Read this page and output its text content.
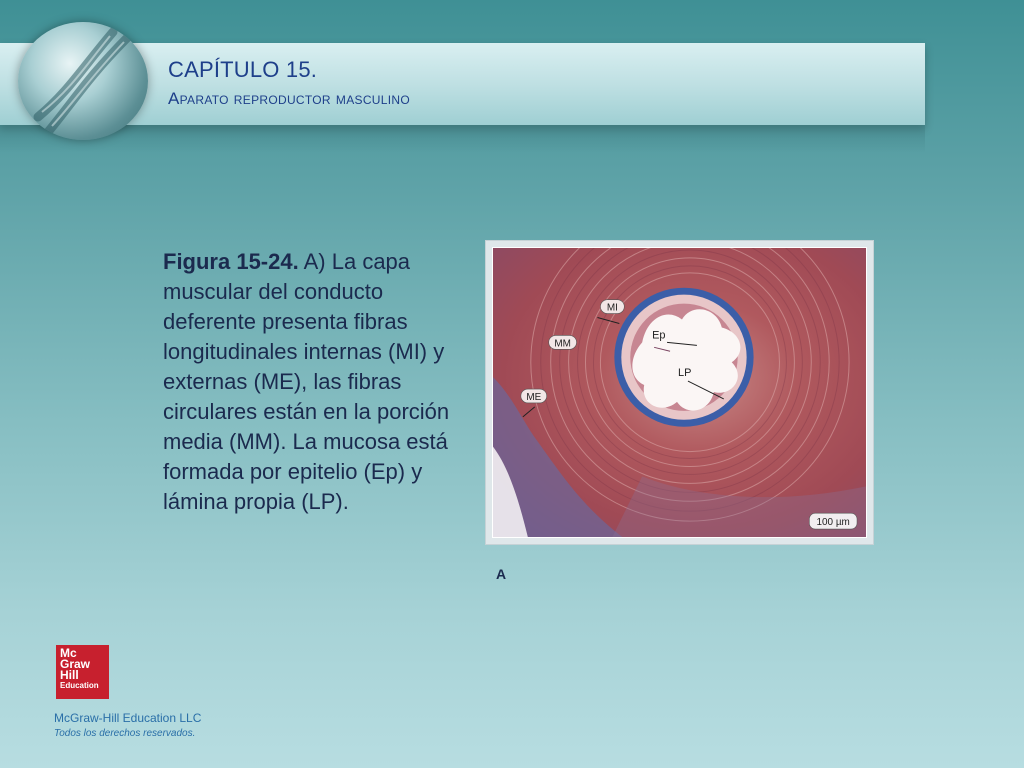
CAPÍTULO 15.
Aparato reproductor masculino
Figura 15-24. A) La capa muscular del conducto deferente presenta fibras longitudinales internas (MI) y externas (ME), las fibras circulares están en la porción media (MM). La mucosa está formada por epitelio (Ep) y lámina propia (LP).
MI
MM
ME
Ep
LP
100 µm
A
Mc
Graw
Hill
Education
McGraw-Hill Education LLC
Todos los derechos reservados.
